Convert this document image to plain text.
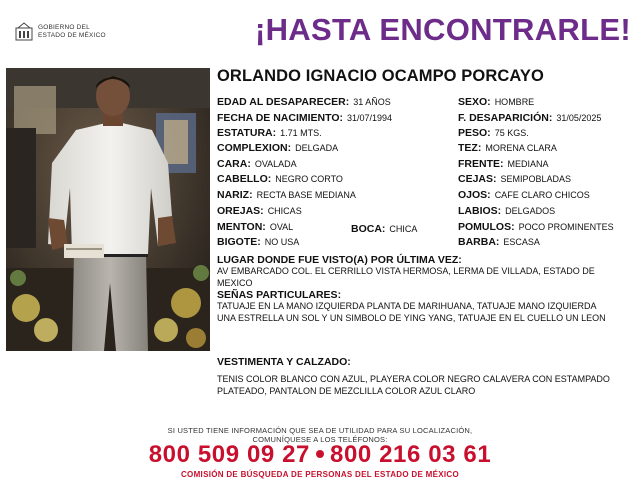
GOBIERNO DEL
ESTADO DE MÉXICO	¡HASTA ENCONTRARLE!
ORLANDO IGNACIO OCAMPO PORCAYO
EDAD AL DESAPARECER: 31 AÑOS
FECHA DE NACIMIENTO: 31/07/1994
ESTATURA: 1.71 MTS.
COMPLEXION: DELGADA
CARA: OVALADA
CABELLO: NEGRO CORTO
NARIZ: RECTA BASE MEDIANA
OREJAS: CHICAS
MENTON: OVAL	BOCA: CHICA
BIGOTE: NO USA
SEXO: HOMBRE
F. DESAPARICIÓN: 31/05/2025
PESO: 75 KGS.
TEZ: MORENA CLARA
FRENTE: MEDIANA
CEJAS: SEMIPOBLADAS
OJOS: CAFE CLARO CHICOS
LABIOS: DELGADOS
POMULOS: POCO PROMINENTES
BARBA: ESCASA
LUGAR DONDE FUE VISTO(A) POR ÚLTIMA VEZ:
AV EMBARCADO COL. EL CERRILLO VISTA HERMOSA, LERMA DE VILLADA, ESTADO DE MEXICO
SEÑAS PARTICULARES:
TATUAJE EN LA MANO IZQUIERDA PLANTA DE MARIHUANA, TATUAJE MANO IZQUIERDA UNA ESTRELLA UN SOL Y UN SIMBOLO DE YING YANG, TATUAJE EN EL CUELLO UN LEON
VESTIMENTA Y CALZADO:
TENIS COLOR BLANCO CON AZUL, PLAYERA COLOR NEGRO CALAVERA CON ESTAMPADO PLATEADO, PANTALON DE MEZCLILLA COLOR AZUL CLARO
SI USTED TIENE INFORMACIÓN QUE SEA DE UTILIDAD PARA SU LOCALIZACIÓN,
COMUNÍQUESE A LOS TELÉFONOS:
800 509 09 27 800 216 03 61
COMISIÓN DE BÚSQUEDA DE PERSONAS DEL ESTADO DE MÉXICO
